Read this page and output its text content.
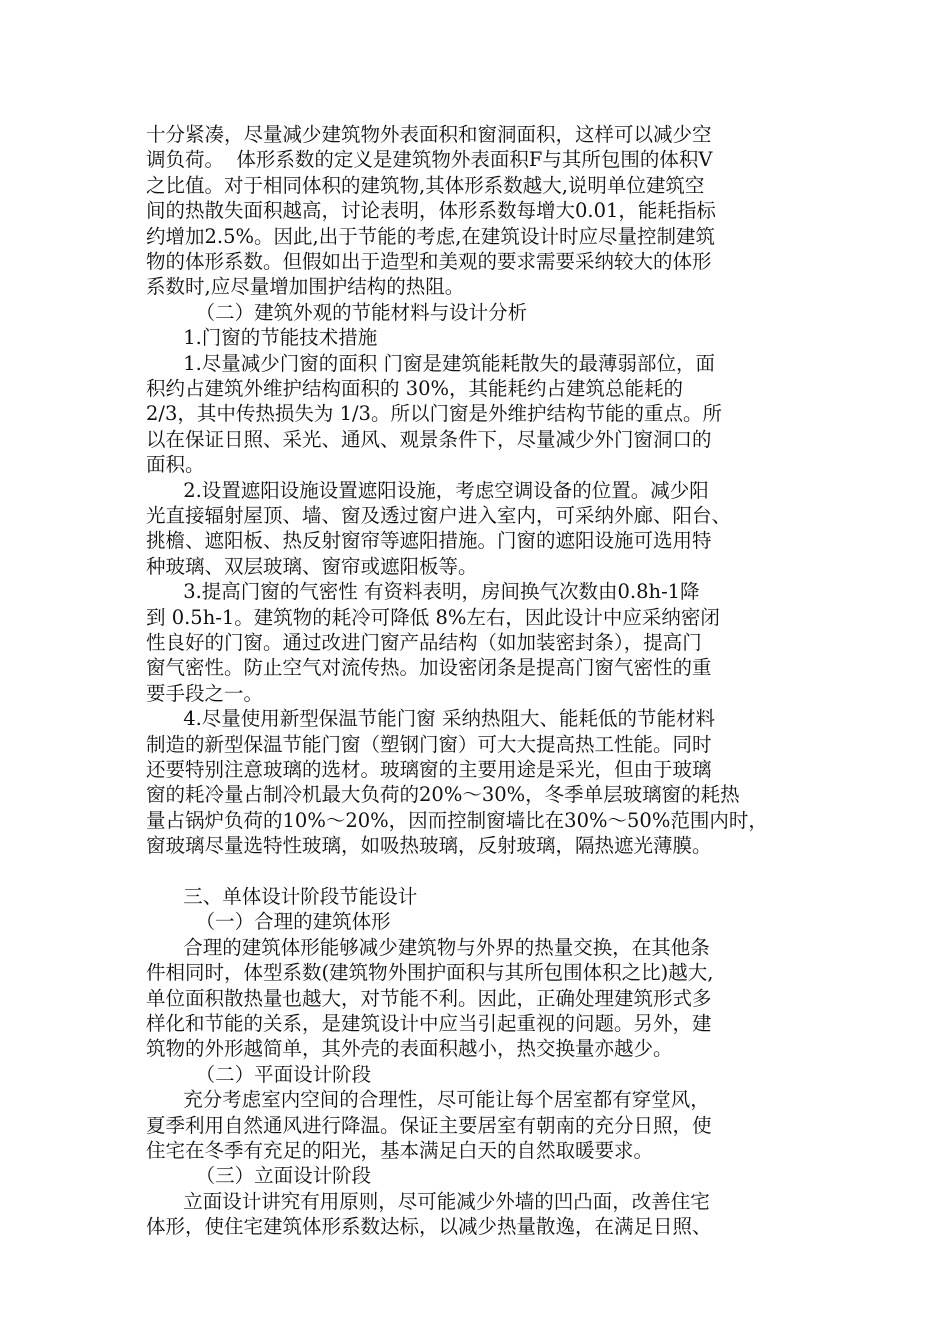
十分紧凑，尽量减少建筑物外表面积和窗洞面积，这样可以减少空
调负荷。  体形系数的定义是建筑物外表面积F与其所包围的体积V
之比值。对于相同体积的建筑物,其体形系数越大,说明单位建筑空
间的热散失面积越高，讨论表明，体形系数每增大0.01，能耗指标
约增加2.5%。因此,出于节能的考虑,在建筑设计时应尽量控制建筑
物的体形系数。但假如出于造型和美观的要求需要采纳较大的体形
系数时,应尽量增加围护结构的热阻。
（二）建筑外观的节能材料与设计分析
1.门窗的节能技术措施
1.尽量减少门窗的面积 门窗是建筑能耗散失的最薄弱部位，面
积约占建筑外维护结构面积的 30%，其能耗约占建筑总能耗的
2/3，其中传热损失为 1/3。所以门窗是外维护结构节能的重点。所
以在保证日照、采光、通风、观景条件下，尽量减少外门窗洞口的
面积。
2.设置遮阳设施设置遮阳设施，考虑空调设备的位置。减少阳
光直接辐射屋顶、墙、窗及透过窗户进入室内，可采纳外廊、阳台、
挑檐、遮阳板、热反射窗帘等遮阳措施。门窗的遮阳设施可选用特
种玻璃、双层玻璃、窗帘或遮阳板等。
3.提高门窗的气密性 有资料表明，房间换气次数由0.8h-1降
到 0.5h-1。建筑物的耗冷可降低 8%左右，因此设计中应采纳密闭
性良好的门窗。通过改进门窗产品结构（如加装密封条），提高门
窗气密性。防止空气对流传热。加设密闭条是提高门窗气密性的重
要手段之一。
4.尽量使用新型保温节能门窗 采纳热阻大、能耗低的节能材料
制造的新型保温节能门窗（塑钢门窗）可大大提高热工性能。同时
还要特别注意玻璃的选材。玻璃窗的主要用途是采光，但由于玻璃
窗的耗冷量占制冷机最大负荷的20%～30%，冬季单层玻璃窗的耗热
量占锅炉负荷的10%～20%，因而控制窗墙比在30%～50%范围内时，
窗玻璃尽量选特性玻璃，如吸热玻璃，反射玻璃，隔热遮光薄膜。
三、单体设计阶段节能设计
（一）合理的建筑体形
合理的建筑体形能够减少建筑物与外界的热量交换，在其他条
件相同时，体型系数(建筑物外围护面积与其所包围体积之比)越大,
单位面积散热量也越大，对节能不利。因此，正确处理建筑形式多
样化和节能的关系，是建筑设计中应当引起重视的问题。另外，建
筑物的外形越简单，其外壳的表面积越小，热交换量亦越少。
（二）平面设计阶段
充分考虑室内空间的合理性，尽可能让每个居室都有穿堂风，
夏季利用自然通风进行降温。保证主要居室有朝南的充分日照，使
住宅在冬季有充足的阳光，基本满足白天的自然取暖要求。
（三）立面设计阶段
立面设计讲究有用原则，尽可能减少外墙的凹凸面，改善住宅
体形，使住宅建筑体形系数达标，以减少热量散逸，在满足日照、
